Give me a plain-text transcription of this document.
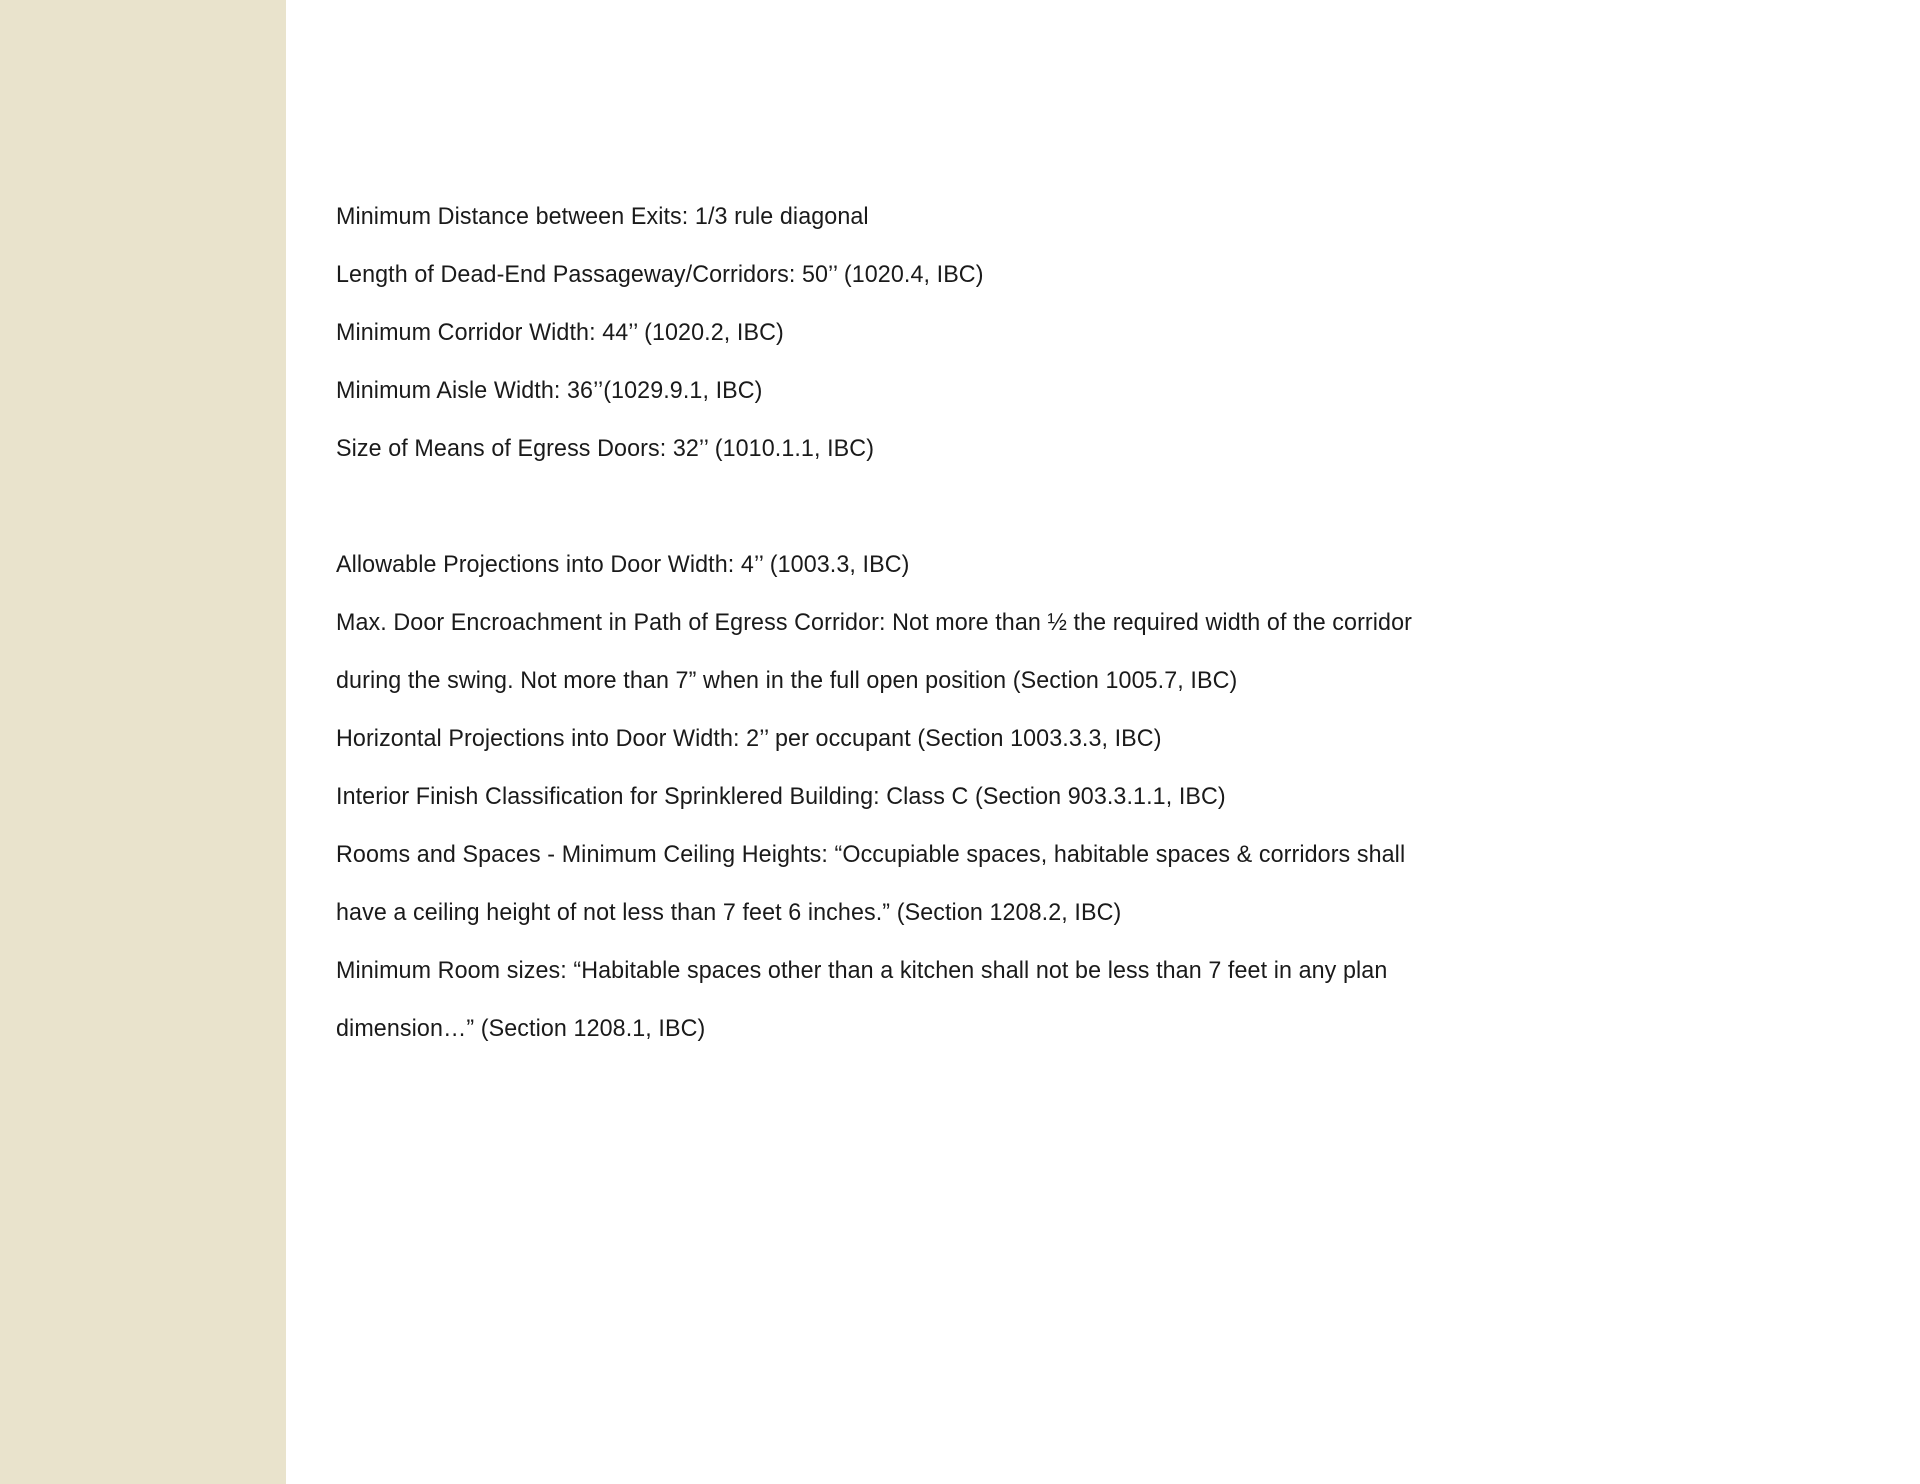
Minimum Distance between Exits: 1/3 rule diagonal
Length of Dead-End Passageway/Corridors: 50’’ (1020.4, IBC)
Minimum Corridor Width: 44’’ (1020.2, IBC)
Minimum Aisle Width: 36’’(1029.9.1, IBC)
Size of Means of Egress Doors: 32’’ (1010.1.1, IBC)
Allowable Projections into Door Width: 4’’ (1003.3, IBC)
Max. Door Encroachment in Path of Egress Corridor: Not more than ½ the required width of the corridor
during the swing. Not more than 7” when in the full open position (Section 1005.7, IBC)
Horizontal Projections into Door Width: 2’’ per occupant (Section 1003.3.3, IBC)
Interior Finish Classification for Sprinklered Building: Class C (Section 903.3.1.1, IBC)
Rooms and Spaces - Minimum Ceiling Heights: “Occupiable spaces, habitable spaces & corridors shall
have a ceiling height of not less than 7 feet 6 inches.” (Section 1208.2, IBC)
Minimum Room sizes: “Habitable spaces other than a kitchen shall not be less than 7 feet in any plan
dimension…” (Section 1208.1, IBC)
